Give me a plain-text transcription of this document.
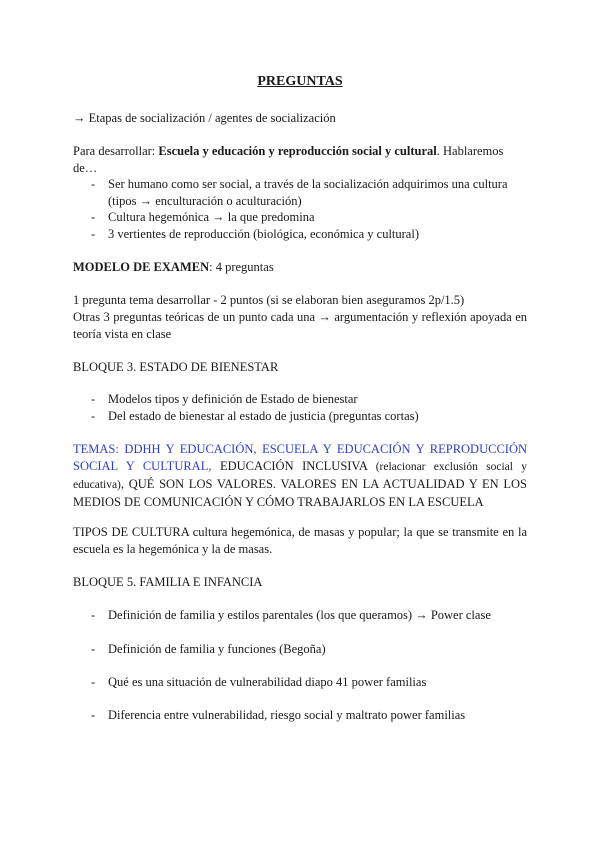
PREGUNTAS
→ Etapas de socialización / agentes de socialización
Para desarrollar: Escuela y educación y reproducción social y cultural. Hablaremos de…
- Ser humano como ser social, a través de la socialización adquirimos una cultura (tipos → enculturación o aculturación)
- Cultura hegemónica → la que predomina
- 3 vertientes de reproducción (biológica, económica y cultural)
MODELO DE EXAMEN: 4 preguntas
1 pregunta tema desarrollar - 2 puntos (si se elaboran bien aseguramos 2p/1.5)
Otras 3 preguntas teóricas de un punto cada una → argumentación y reflexión apoyada en teoría vista en clase
BLOQUE 3. ESTADO DE BIENESTAR
- Modelos tipos y definición de Estado de bienestar
- Del estado de bienestar al estado de justicia (preguntas cortas)
TEMAS: DDHH Y EDUCACIÓN, ESCUELA Y EDUCACIÓN Y REPRODUCCIÓN SOCIAL Y CULTURAL, EDUCACIÓN INCLUSIVA (relacionar exclusión social y educativa), QUÉ SON LOS VALORES. VALORES EN LA ACTUALIDAD Y EN LOS MEDIOS DE COMUNICACIÓN Y CÓMO TRABAJARLOS EN LA ESCUELA
TIPOS DE CULTURA cultura hegemónica, de masas y popular; la que se transmite en la escuela es la hegemónica y la de masas.
BLOQUE 5. FAMILIA E INFANCIA
- Definición de familia y estilos parentales (los que queramos) → Power clase
- Definición de familia y funciones (Begoña)
- Qué es una situación de vulnerabilidad diapo 41 power familias
- Diferencia entre vulnerabilidad, riesgo social y maltrato power familias
